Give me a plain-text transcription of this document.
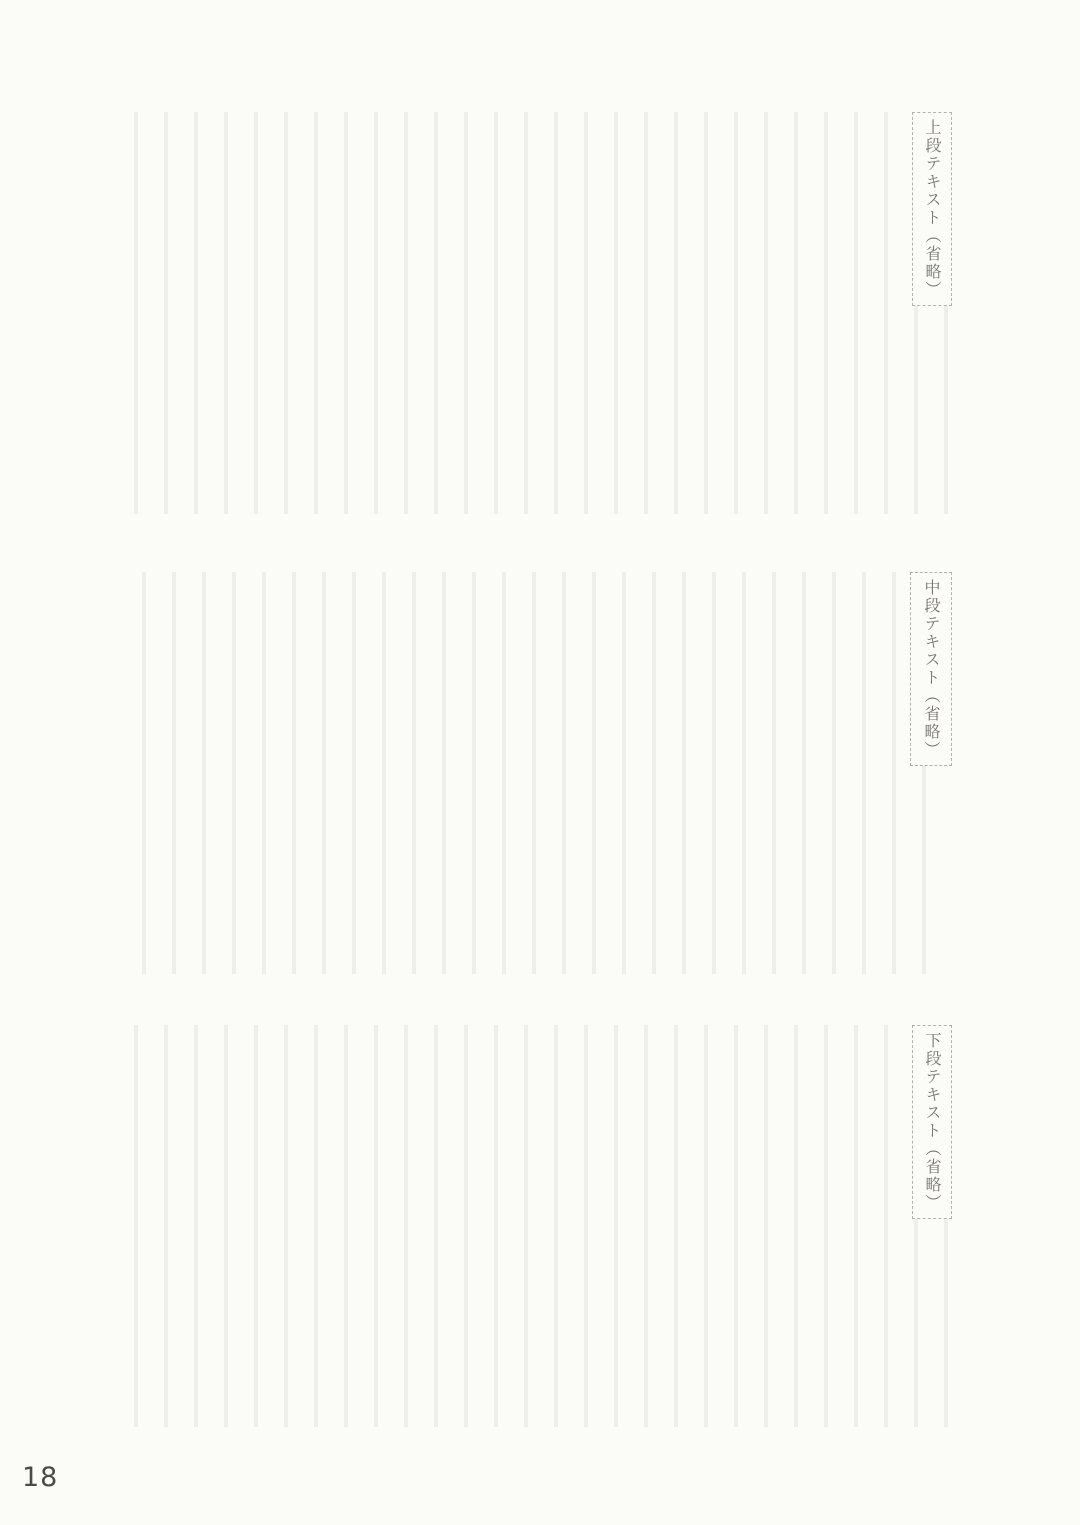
上段テキスト（省略）

中段テキスト（省略）

下段テキスト（省略）

18
